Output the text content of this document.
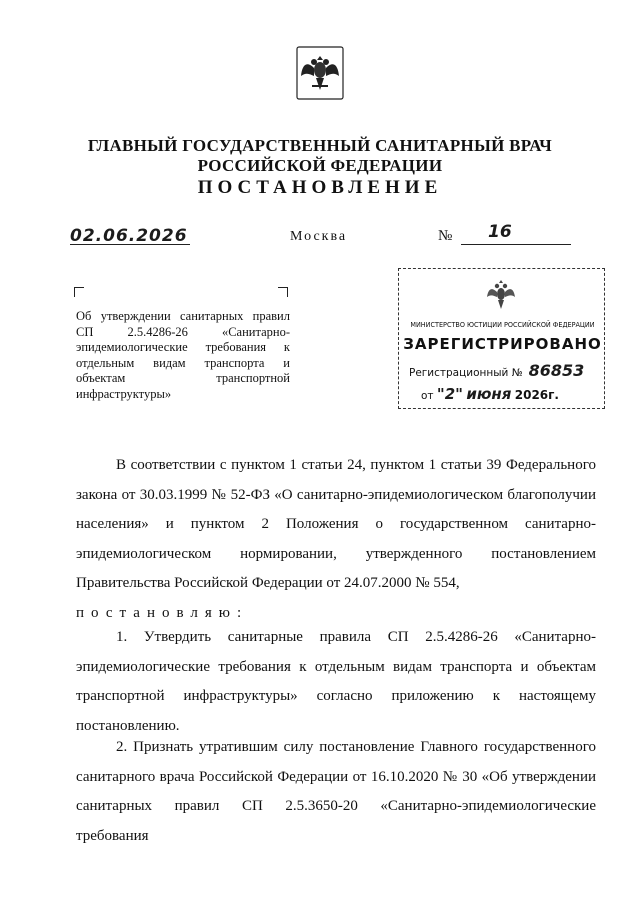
ГЛАВНЫЙ ГОСУДАРСТВЕННЫЙ САНИТАРНЫЙ ВРАЧ
РОССИЙСКОЙ ФЕДЕРАЦИИ
ПОСТАНОВЛЕНИЕ
02.06.2026	Москва	№ 16
Об утверждении санитарных правил СП 2.5.4286-26 «Санитарно-эпидемиологические требования к отдельным видам транспорта и объектам транспортной инфраструктуры»
МИНИСТЕРСТВО ЮСТИЦИИ РОССИЙСКОЙ ФЕДЕРАЦИИ
ЗАРЕГИСТРИРОВАНО
Регистрационный № 86853
от "2" июня 2026г.
В соответствии с пунктом 1 статьи 24, пунктом 1 статьи 39 Федерального закона от 30.03.1999 № 52-ФЗ «О санитарно-эпидемиологическом благополучии населения» и пунктом 2 Положения о государственном санитарно-эпидемиологическом нормировании, утвержденного постановлением Правительства Российской Федерации от 24.07.2000 № 554,
постановляю:
1. Утвердить санитарные правила СП 2.5.4286-26 «Санитарно-эпидемиологические требования к отдельным видам транспорта и объектам транспортной инфраструктуры» согласно приложению к настоящему постановлению.
2. Признать утратившим силу постановление Главного государственного санитарного врача Российской Федерации от 16.10.2020 № 30 «Об утверждении санитарных правил СП 2.5.3650-20 «Санитарно-эпидемиологические требования
